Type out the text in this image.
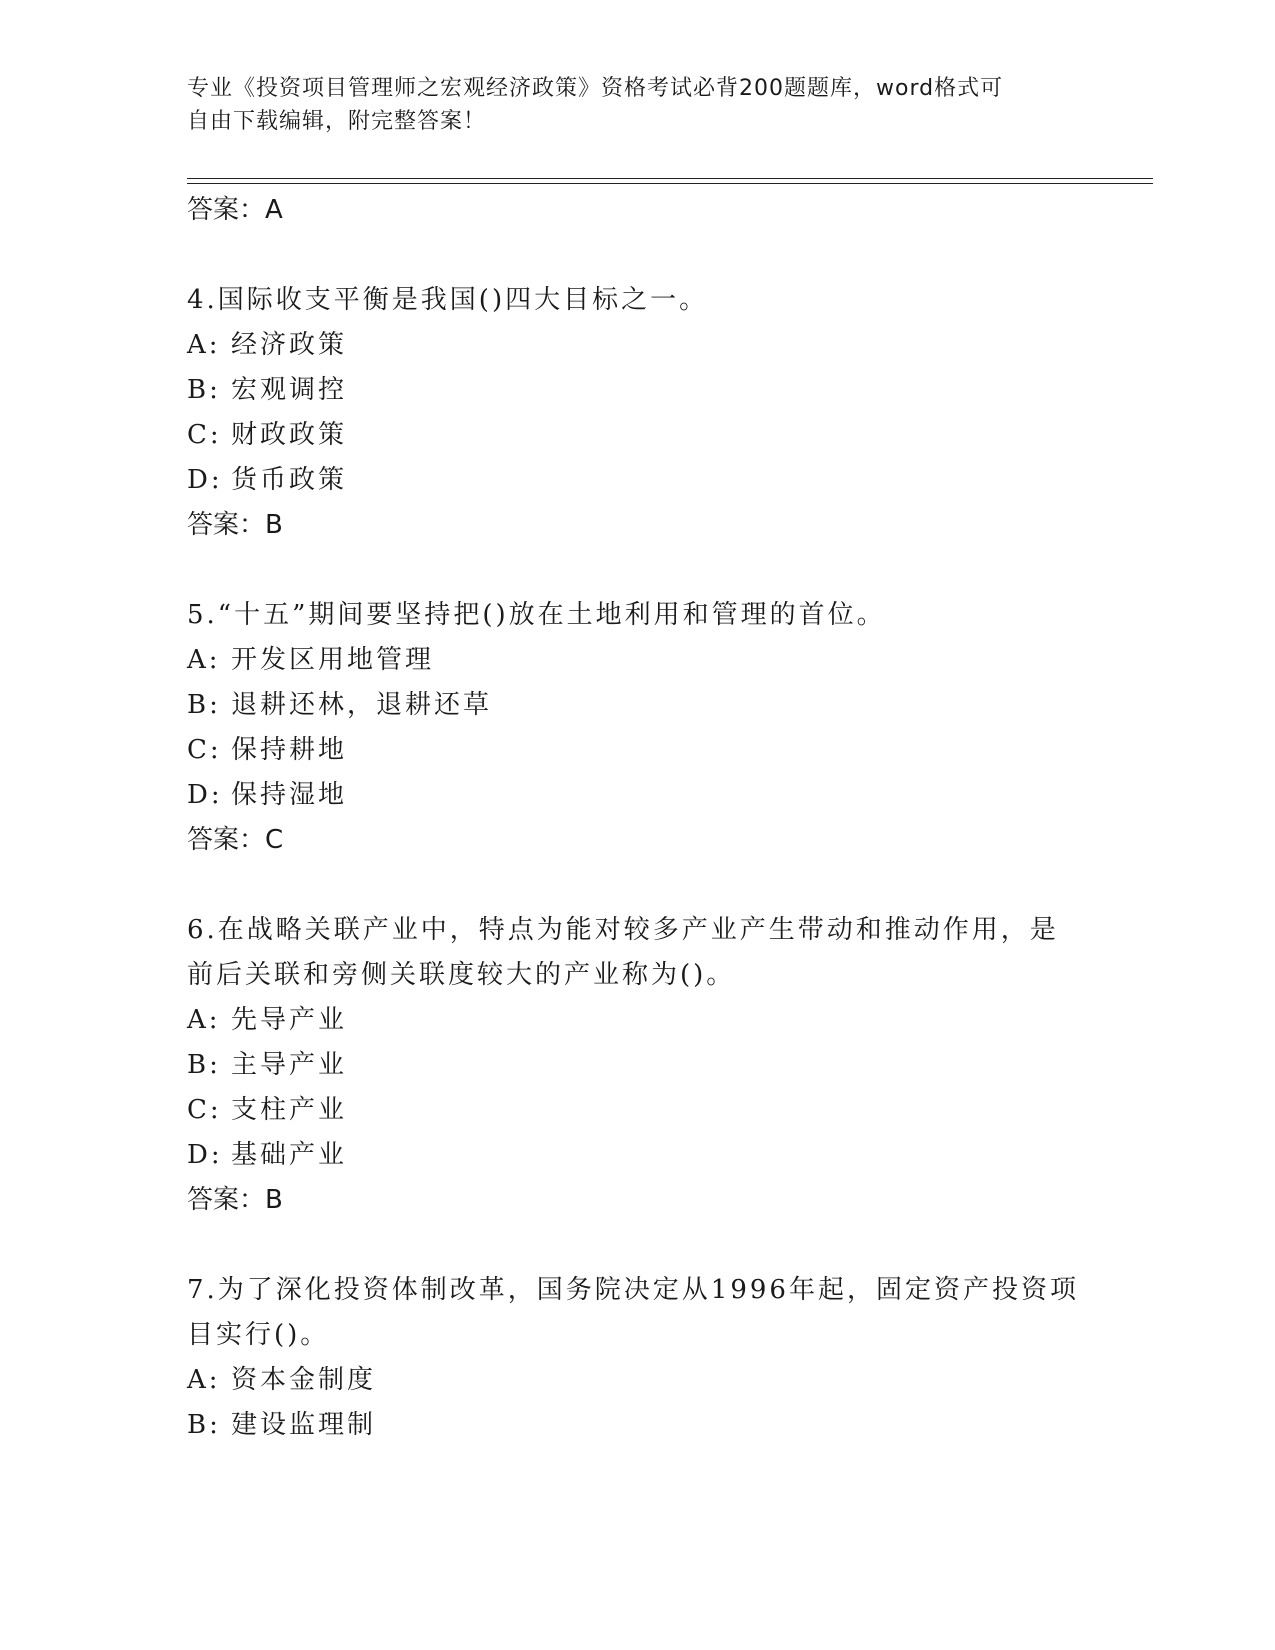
专业《投资项目管理师之宏观经济政策》资格考试必背200题题库，word格式可
自由下载编辑，附完整答案！
答案：A
4.国际收支平衡是我国()四大目标之一。
A: 经济政策
B: 宏观调控
C: 财政政策
D: 货币政策
答案：B
5.“十五”期间要坚持把()放在土地利用和管理的首位。
A: 开发区用地管理
B: 退耕还林，退耕还草
C: 保持耕地
D: 保持湿地
答案：C
6.在战略关联产业中，特点为能对较多产业产生带动和推动作用，是前后关联和旁侧关联度较大的产业称为()。
A: 先导产业
B: 主导产业
C: 支柱产业
D: 基础产业
答案：B
7.为了深化投资体制改革，国务院决定从1996年起，固定资产投资项目实行()。
A: 资本金制度
B: 建设监理制
